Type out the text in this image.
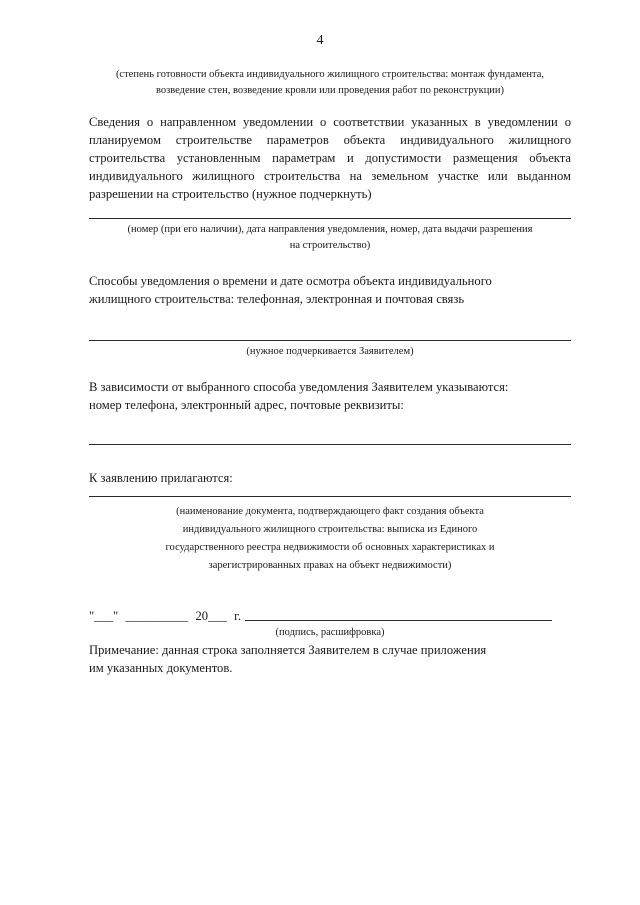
4
(степень готовности объекта индивидуального жилищного строительства: монтаж фундамента,
возведение стен, возведение кровли или проведения работ по реконструкции)
Сведения о направленном уведомлении о соответствии указанных в уведомлении о
планируемом строительстве параметров объекта индивидуального жилищного
строительства установленным параметрам и допустимости размещения объекта
индивидуального жилищного строительства на земельном участке или выданном
разрешении на строительство (нужное подчеркнуть)
(номер (при его наличии), дата направления уведомления, номер, дата выдачи разрешения
на строительство)
Способы уведомления о времени и дате осмотра объекта индивидуального
жилищного строительства: телефонная, электронная и почтовая связь
(нужное подчеркивается Заявителем)
В зависимости от выбранного способа уведомления Заявителем указываются:
номер телефона, электронный адрес, почтовые реквизиты:
К заявлению прилагаются:
(наименование документа, подтверждающего факт создания объекта
индивидуального жилищного строительства: выписка из Единого
государственного реестра недвижимости об основных характеристиках и
зарегистрированных правах на объект недвижимости)
"___" __________ 20___ г.
(подпись, расшифровка)
Примечание: данная строка заполняется Заявителем в случае приложения
им указанных документов.
